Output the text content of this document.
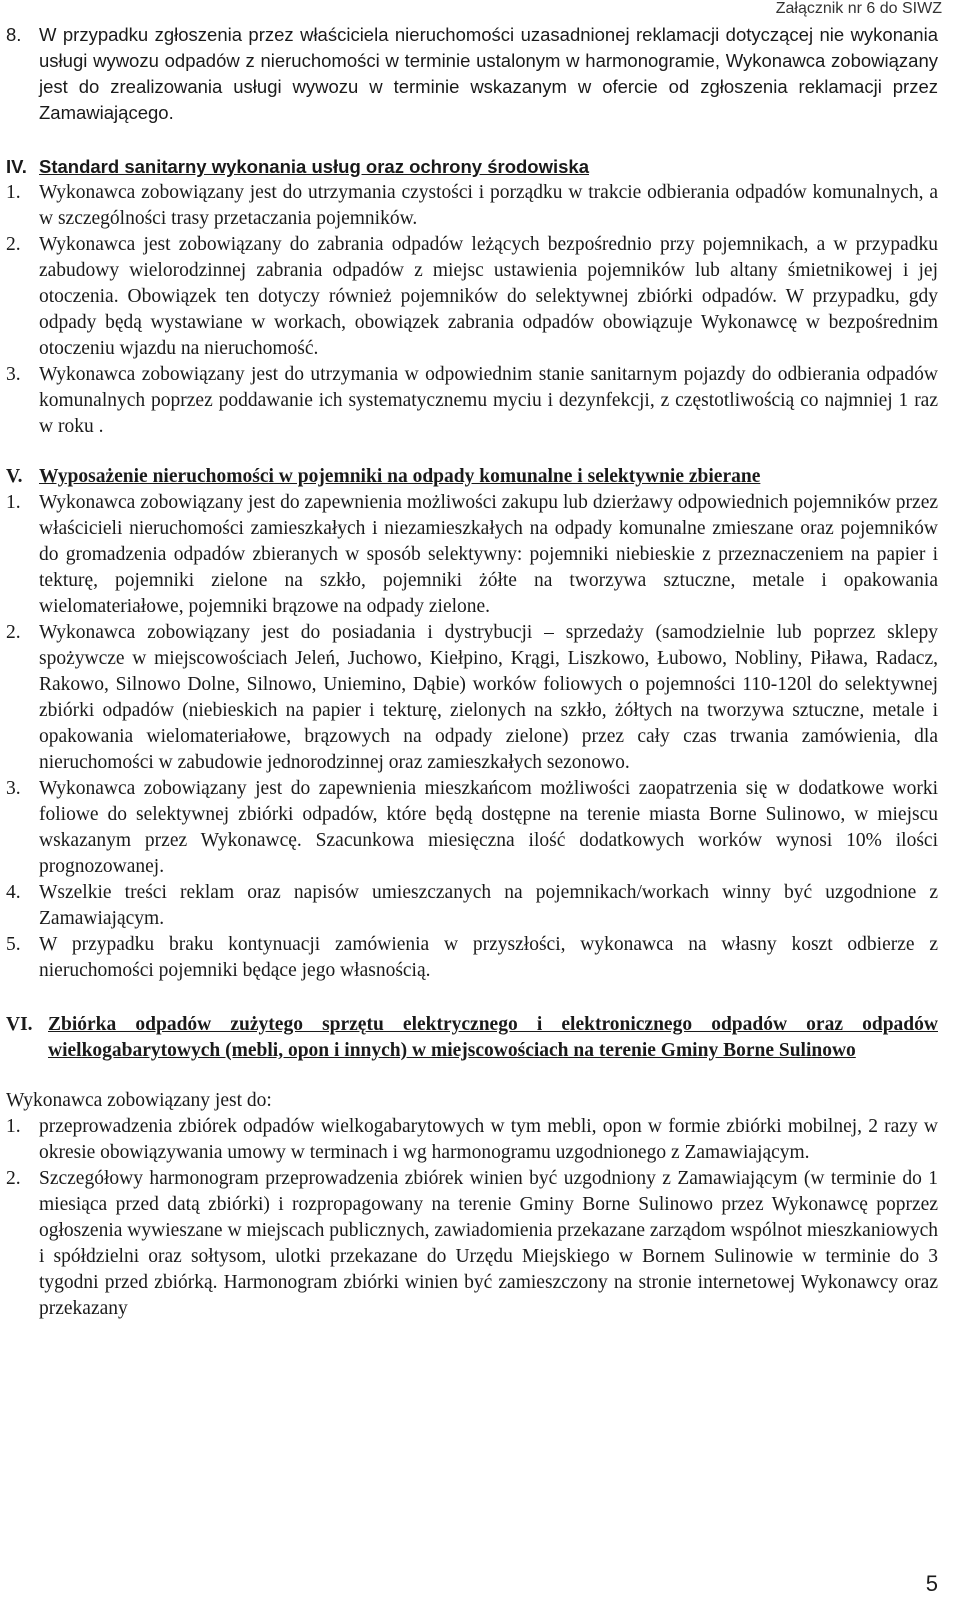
Załącznik nr 6 do SIWZ
8. W przypadku zgłoszenia przez właściciela nieruchomości uzasadnionej reklamacji dotyczącej nie wykonania usługi wywozu odpadów z nieruchomości w terminie ustalonym w harmonogramie, Wykonawca zobowiązany jest do zrealizowania usługi wywozu w terminie wskazanym w ofercie od zgłoszenia reklamacji przez Zamawiającego.
IV. Standard sanitarny wykonania usług oraz ochrony środowiska
1. Wykonawca zobowiązany jest do utrzymania czystości i porządku w trakcie odbierania odpadów komunalnych, a w szczególności trasy przetaczania pojemników.
2. Wykonawca jest zobowiązany do zabrania odpadów leżących bezpośrednio przy pojemnikach, a w przypadku zabudowy wielorodzinnej zabrania odpadów z miejsc ustawienia pojemników lub altany śmietnikowej i jej otoczenia. Obowiązek ten dotyczy również pojemników do selektywnej zbiórki odpadów. W przypadku, gdy odpady będą wystawiane w workach, obowiązek zabrania odpadów obowiązuje Wykonawcę w bezpośrednim otoczeniu wjazdu na nieruchomość.
3. Wykonawca zobowiązany jest do utrzymania w odpowiednim stanie sanitarnym pojazdy do odbierania odpadów komunalnych poprzez poddawanie ich systematycznemu myciu i dezynfekcji, z częstotliwością co najmniej 1 raz w roku .
V. Wyposażenie nieruchomości w pojemniki na odpady komunalne i selektywnie zbierane
1. Wykonawca zobowiązany jest do zapewnienia możliwości zakupu lub dzierżawy odpowiednich pojemników przez właścicieli nieruchomości zamieszkałych i niezamieszkałych na odpady komunalne zmieszane oraz pojemników do gromadzenia odpadów zbieranych w sposób selektywny: pojemniki niebieskie z przeznaczeniem na papier i tekturę, pojemniki zielone na szkło, pojemniki żółte na tworzywa sztuczne, metale i opakowania wielomateriałowe, pojemniki brązowe na odpady zielone.
2. Wykonawca zobowiązany jest do posiadania i dystrybucji – sprzedaży (samodzielnie lub poprzez sklepy spożywcze w miejscowościach Jeleń, Juchowo, Kiełpino, Krągi, Liszkowo, Łubowo, Nobliny, Piława, Radacz, Rakowo, Silnowo Dolne, Silnowo, Uniemino, Dąbie) worków foliowych o pojemności 110-120l do selektywnej zbiórki odpadów (niebieskich na papier i tekturę, zielonych na szkło, żółtych na tworzywa sztuczne, metale i opakowania wielomateriałowe, brązowych na odpady zielone) przez cały czas trwania zamówienia, dla nieruchomości w zabudowie jednorodzinnej oraz zamieszkałych sezonowo.
3. Wykonawca zobowiązany jest do zapewnienia mieszkańcom możliwości zaopatrzenia się w dodatkowe worki foliowe do selektywnej zbiórki odpadów, które będą dostępne na terenie miasta Borne Sulinowo, w miejscu wskazanym przez Wykonawcę. Szacunkowa miesięczna ilość dodatkowych worków wynosi 10% ilości prognozowanej.
4. Wszelkie treści reklam oraz napisów umieszczanych na pojemnikach/workach winny być uzgodnione z Zamawiającym.
5. W przypadku braku kontynuacji zamówienia w przyszłości, wykonawca na własny koszt odbierze z nieruchomości pojemniki będące jego własnością.
VI. Zbiórka odpadów zużytego sprzętu elektrycznego i elektronicznego odpadów oraz odpadów wielkogabarytowych (mebli, opon i innych) w miejscowościach na terenie Gminy Borne Sulinowo
Wykonawca zobowiązany jest do:
1. przeprowadzenia zbiórek odpadów wielkogabarytowych w tym mebli, opon w formie zbiórki mobilnej, 2 razy w okresie obowiązywania umowy w terminach i wg harmonogramu uzgodnionego z Zamawiającym.
2. Szczegółowy harmonogram przeprowadzenia zbiórek winien być uzgodniony z Zamawiającym (w terminie do 1 miesiąca przed datą zbiórki) i rozpropagowany na terenie Gminy Borne Sulinowo przez Wykonawcę poprzez ogłoszenia wywieszane w miejscach publicznych, zawiadomienia przekazane zarządom wspólnot mieszkaniowych i spółdzielni oraz sołtysom, ulotki przekazane do Urzędu Miejskiego w Bornem Sulinowie w terminie do 3 tygodni przed zbiórką. Harmonogram zbiórki winien być zamieszczony na stronie internetowej Wykonawcy oraz przekazany
5
